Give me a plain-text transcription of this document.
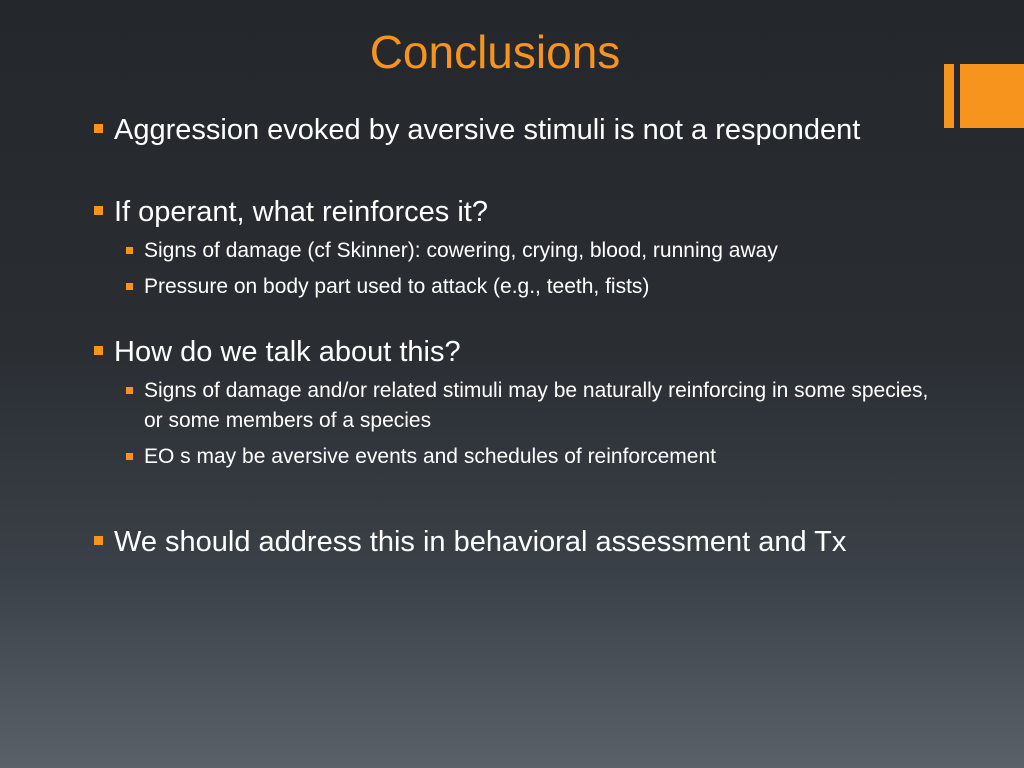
Conclusions
Aggression evoked by aversive stimuli is not a respondent
If operant, what reinforces it?
Signs of damage (cf Skinner): cowering, crying, blood, running away
Pressure on body part used to attack (e.g., teeth, fists)
How do we talk about this?
Signs of damage and/or related stimuli may be naturally reinforcing in some species, or some members of a species
EO s may be aversive events and schedules of reinforcement
We should address this in behavioral assessment and Tx
